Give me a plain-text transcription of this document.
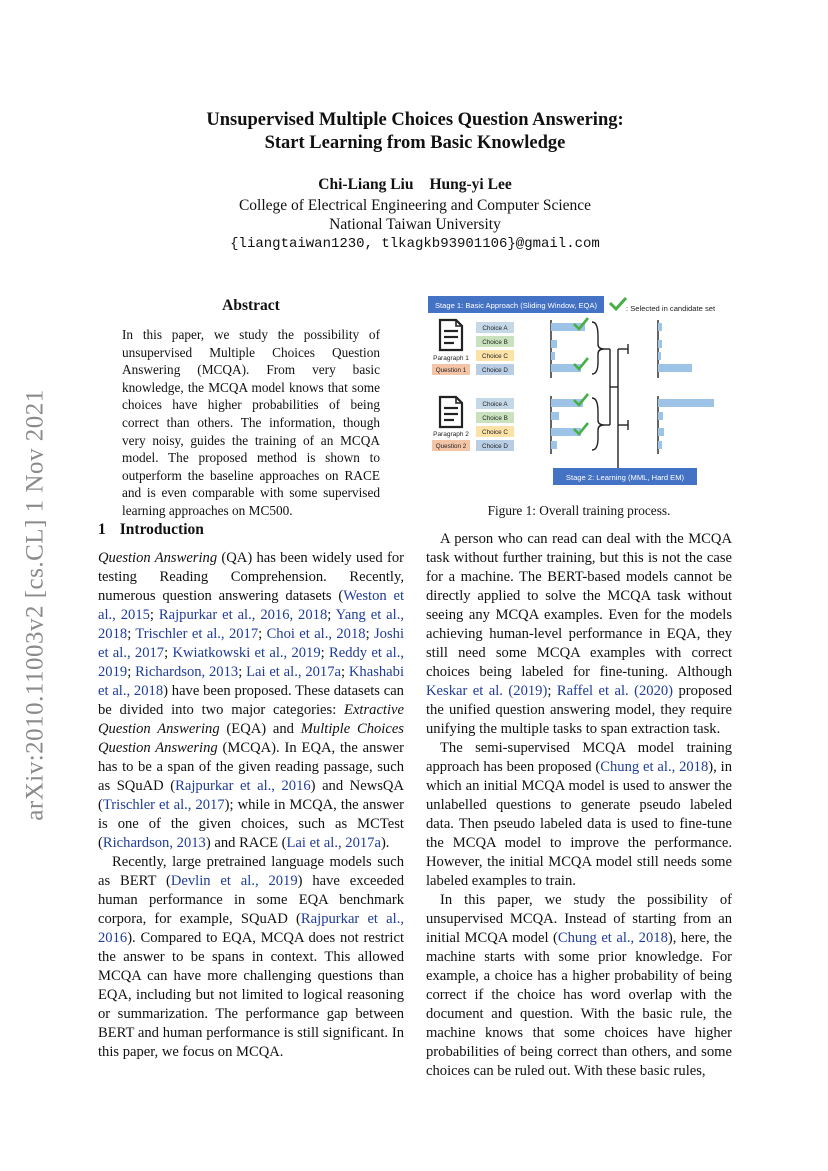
arXiv:2010.11003v2 [cs.CL] 1 Nov 2021
Unsupervised Multiple Choices Question Answering:
Start Learning from Basic Knowledge
Chi-Liang Liu Hung-yi Lee
College of Electrical Engineering and Computer Science
National Taiwan University
{liangtaiwan1230, tlkagkb93901106}@gmail.com
Abstract
In this paper, we study the possibility of unsupervised Multiple Choices Question Answering (MCQA). From very basic knowledge, the MCQA model knows that some choices have higher probabilities of being correct than others. The information, though very noisy, guides the training of an MCQA model. The proposed method is shown to outperform the baseline approaches on RACE and is even comparable with some supervised learning approaches on MC500.
1 Introduction

Question Answering (QA) has been widely used for testing Reading Comprehension. Recently, numerous question answering datasets (Weston et al., 2015; Rajpurkar et al., 2016, 2018; Yang et al., 2018; Trischler et al., 2017; Choi et al., 2018; Joshi et al., 2017; Kwiatkowski et al., 2019; Reddy et al., 2019; Richardson, 2013; Lai et al., 2017a; Khashabi et al., 2018) have been proposed. These datasets can be divided into two major categories: Extractive Question Answering (EQA) and Multiple Choices Question Answering (MCQA). In EQA, the answer has to be a span of the given reading passage, such as SQuAD (Rajpurkar et al., 2016) and NewsQA (Trischler et al., 2017); while in MCQA, the answer is one of the given choices, such as MCTest (Richardson, 2013) and RACE (Lai et al., 2017a).

Recently, large pretrained language models such as BERT (Devlin et al., 2019) have exceeded human performance in some EQA benchmark corpora, for example, SQuAD (Rajpurkar et al., 2016). Compared to EQA, MCQA does not restrict the answer to be spans in context. This allowed MCQA can have more challenging questions than EQA, including but not limited to logical reasoning or summarization. The performance gap between BERT and human performance is still significant. In this paper, we focus on MCQA.

Stage 1: Basic Approach (Sliding Window, EQA)	: Selected in candidate set
Paragraph 1
Question 1
Choice A
Choice B
Choice C
Choice D
Paragraph 2
Question 2
Choice A
Choice B
Choice C
Choice D
Stage 2: Learning (MML, Hard EM)
Figure 1: Overall training process.

A person who can read can deal with the MCQA task without further training, but this is not the case for a machine. The BERT-based models cannot be directly applied to solve the MCQA task without seeing any MCQA examples. Even for the models achieving human-level performance in EQA, they still need some MCQA examples with correct choices being labeled for fine-tuning. Although Keskar et al. (2019); Raffel et al. (2020) proposed the unified question answering model, they require unifying the multiple tasks to span extraction task.

The semi-supervised MCQA model training approach has been proposed (Chung et al., 2018), in which an initial MCQA model is used to answer the unlabelled questions to generate pseudo labeled data. Then pseudo labeled data is used to fine-tune the MCQA model to improve the performance. However, the initial MCQA model still needs some labeled examples to train.

In this paper, we study the possibility of unsupervised MCQA. Instead of starting from an initial MCQA model (Chung et al., 2018), here, the machine starts with some prior knowledge. For example, a choice has a higher probability of being correct if the choice has word overlap with the document and question. With the basic rule, the machine knows that some choices have higher probabilities of being correct than others, and some choices can be ruled out. With these basic rules,
